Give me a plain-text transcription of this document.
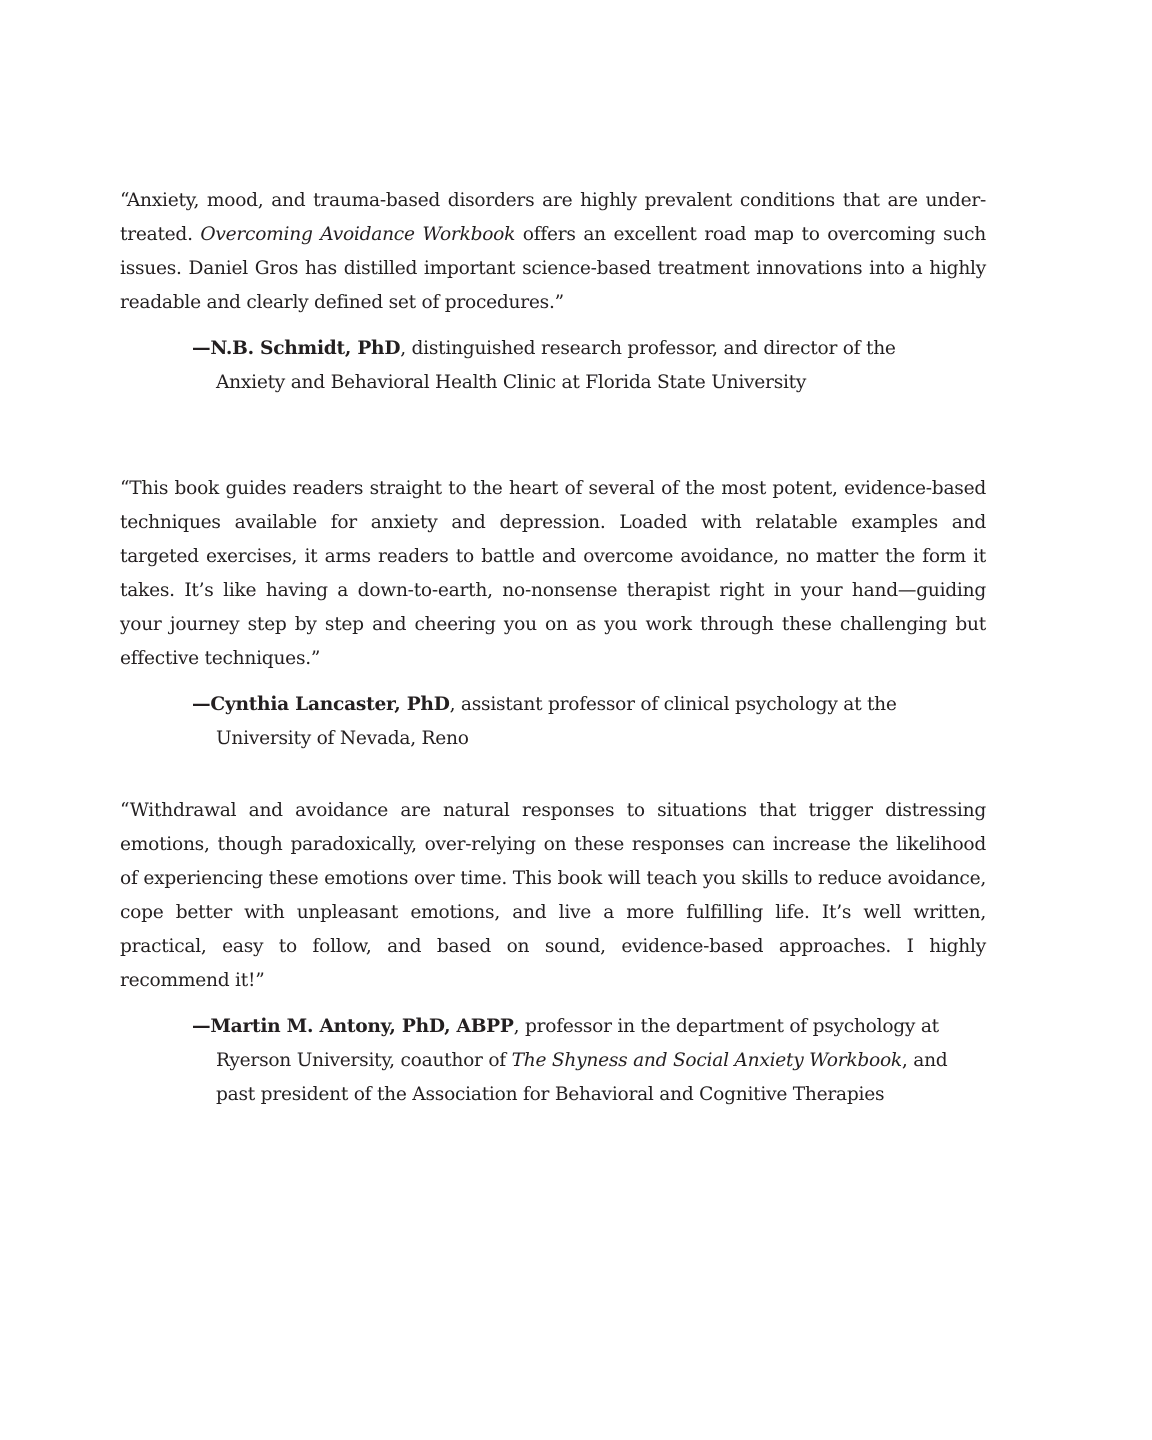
“Anxiety, mood, and trauma-based disorders are highly prevalent conditions that are under-treated. Overcoming Avoidance Workbook offers an excellent road map to overcoming such issues. Daniel Gros has distilled important science-based treatment innovations into a highly readable and clearly defined set of procedures.”

—N.B. Schmidt, PhD, distinguished research professor, and director of the Anxiety and Behavioral Health Clinic at Florida State University

“This book guides readers straight to the heart of several of the most potent, evidence-based techniques available for anxiety and depression. Loaded with relatable examples and targeted exercises, it arms readers to battle and overcome avoidance, no matter the form it takes. It’s like having a down-to-earth, no-nonsense therapist right in your hand—guiding your journey step by step and cheering you on as you work through these challenging but effective techniques.”

—Cynthia Lancaster, PhD, assistant professor of clinical psychology at the University of Nevada, Reno

“Withdrawal and avoidance are natural responses to situations that trigger distressing emotions, though paradoxically, over-relying on these responses can increase the likelihood of experiencing these emotions over time. This book will teach you skills to reduce avoidance, cope better with unpleasant emotions, and live a more fulfilling life. It’s well written, practical, easy to follow, and based on sound, evidence-based approaches. I highly recommend it!”

—Martin M. Antony, PhD, ABPP, professor in the department of psychology at Ryerson University, coauthor of The Shyness and Social Anxiety Workbook, and past president of the Association for Behavioral and Cognitive Therapies
